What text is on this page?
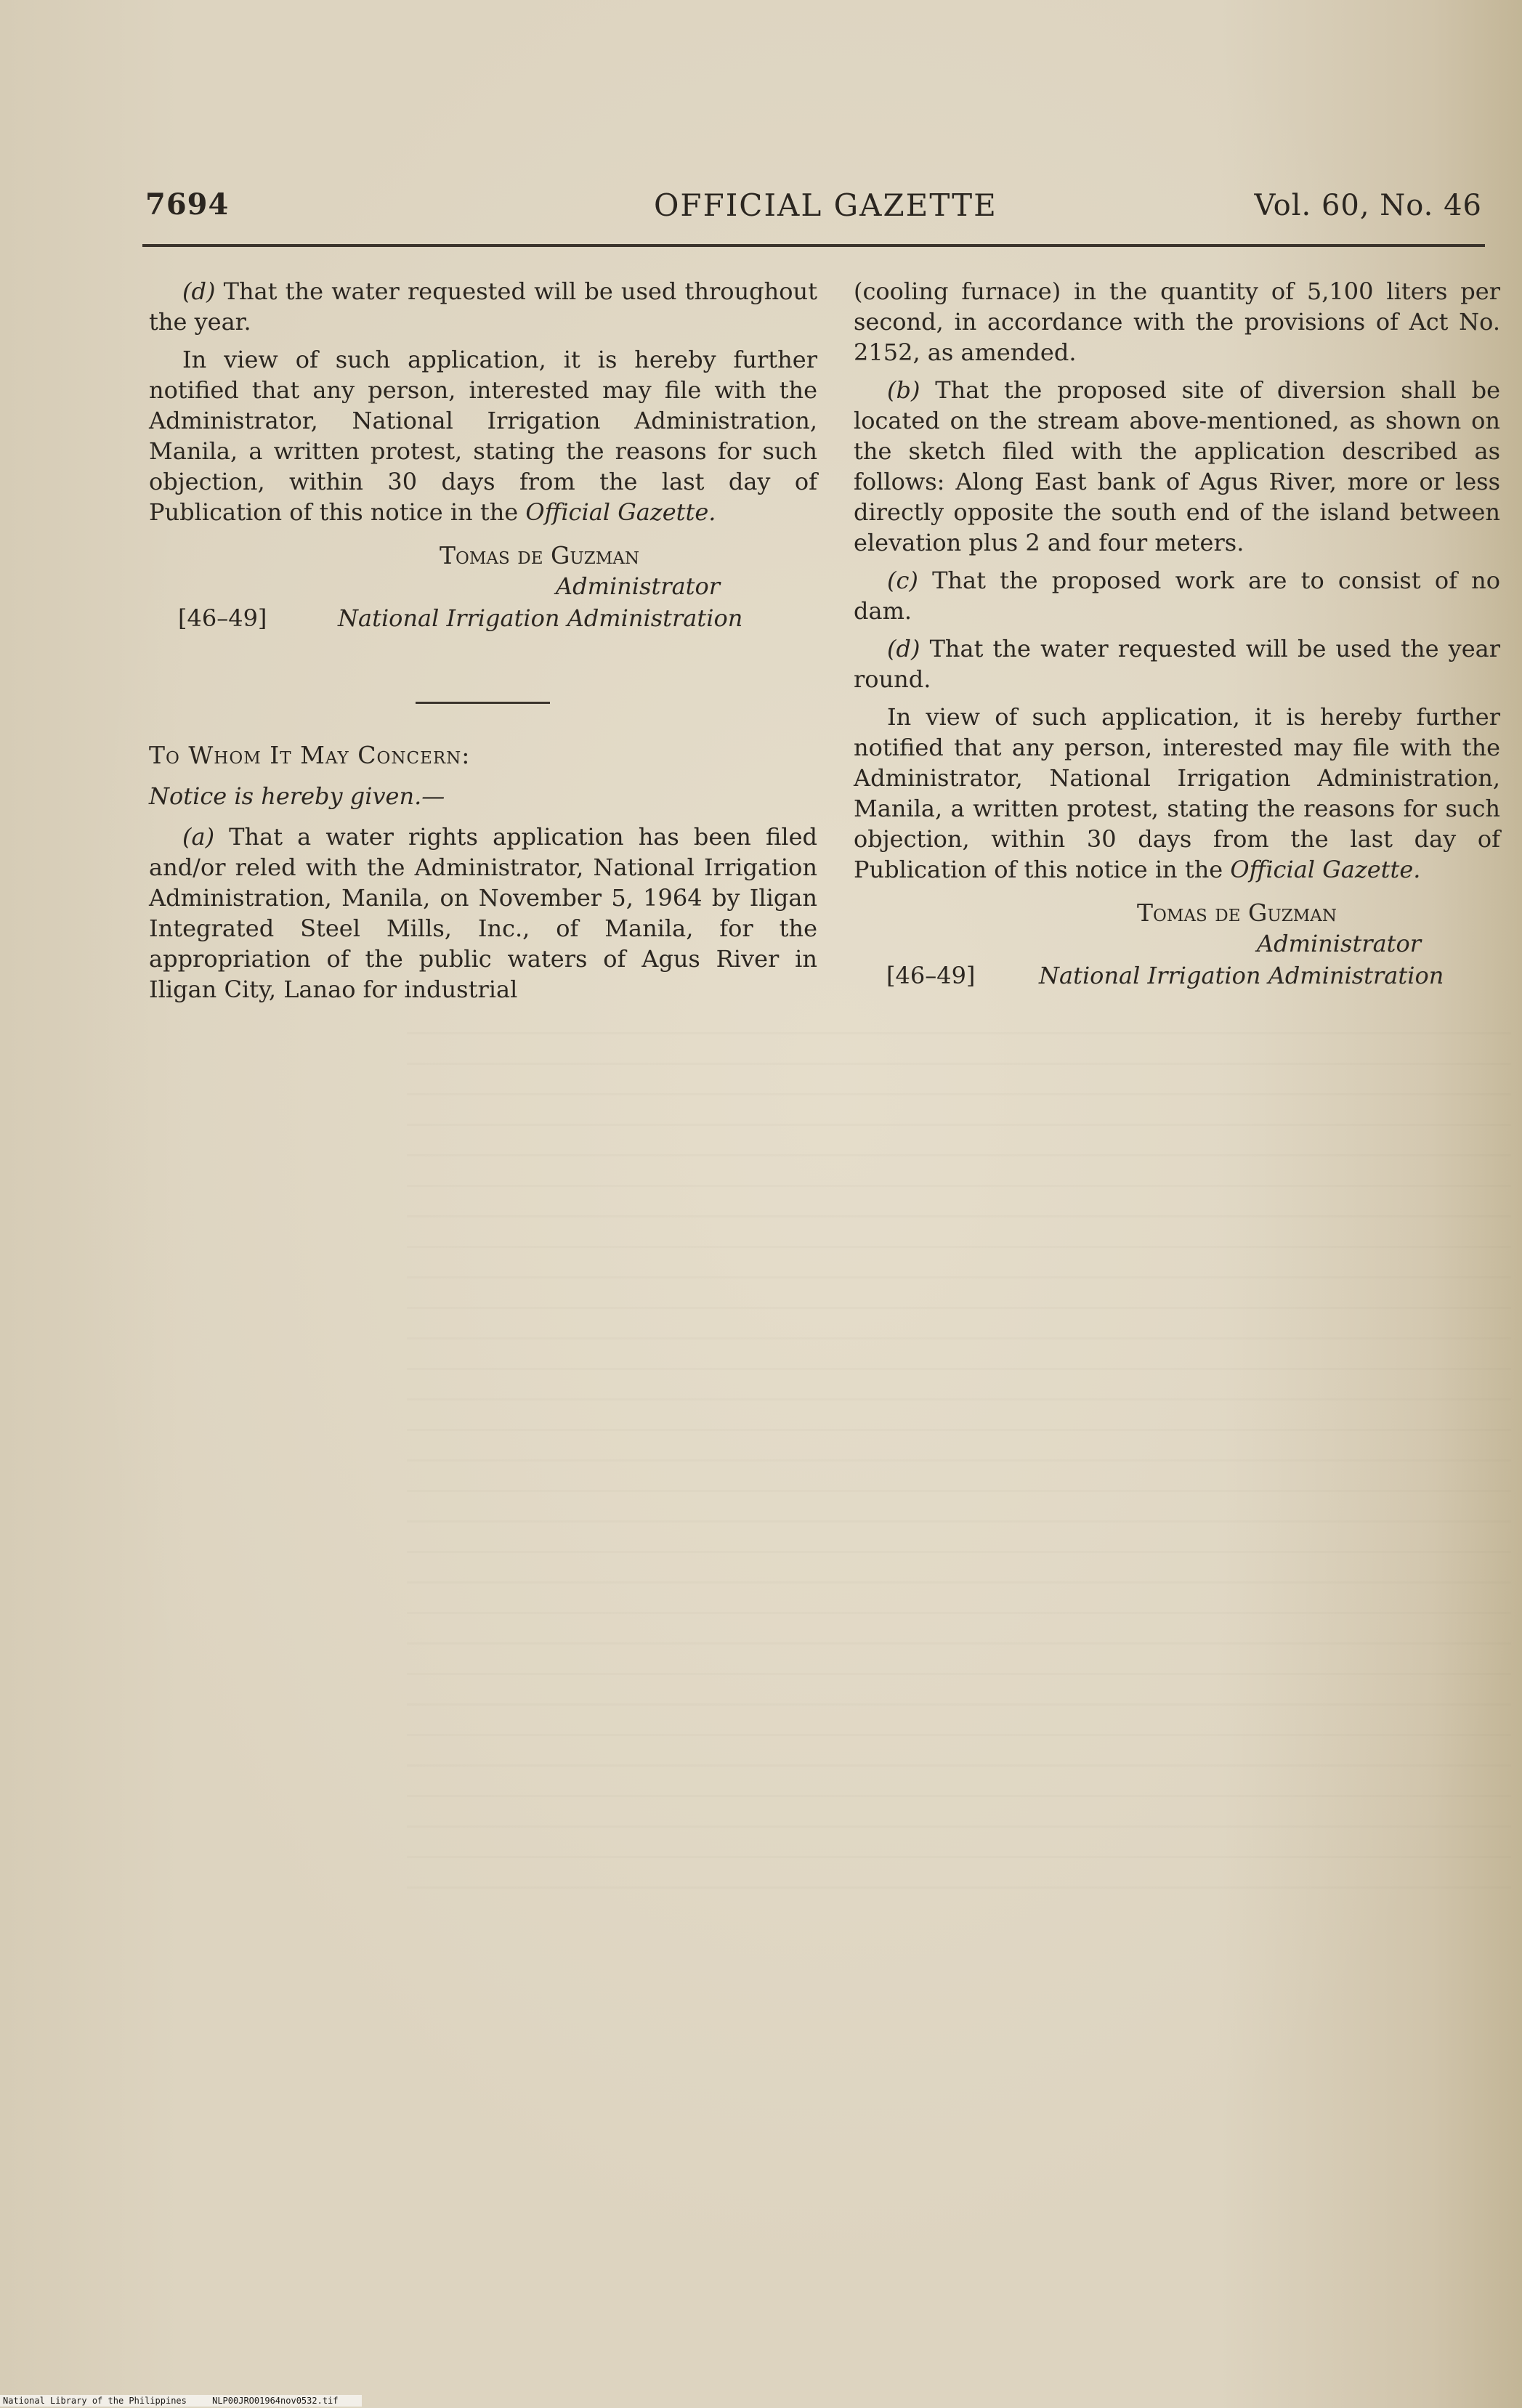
7694	OFFICIAL GAZETTE	Vol. 60, No. 46

(d) That the water requested will be used throughout the year.

In view of such application, it is hereby further notified that any person, interested may file with the Administrator, National Irrigation Administration, Manila, a written protest, stating the reasons for such objection, within 30 days from the last day of Publication of this notice in the Official Gazette.

Tomas de Guzman
Administrator
[46–49]	National Irrigation Administration

To Whom It May Concern:

Notice is hereby given.—

(a) That a water rights application has been filed and/or reled with the Administrator, National Irrigation Administration, Manila, on November 5, 1964 by Iligan Integrated Steel Mills, Inc., of Manila, for the appropriation of the public waters of Agus River in Iligan City, Lanao for industrial

(cooling furnace) in the quantity of 5,100 liters per second, in accordance with the provisions of Act No. 2152, as amended.

(b) That the proposed site of diversion shall be located on the stream above-mentioned, as shown on the sketch filed with the application described as follows: Along East bank of Agus River, more or less directly opposite the south end of the island between elevation plus 2 and four meters.

(c) That the proposed work are to consist of no dam.

(d) That the water requested will be used the year round.

In view of such application, it is hereby further notified that any person, interested may file with the Administrator, National Irrigation Administration, Manila, a written protest, stating the reasons for such objection, within 30 days from the last day of Publication of this notice in the Official Gazette.

Tomas de Guzman
Administrator
[46–49]	National Irrigation Administration
National Library of the Philippines	NLP00JRO01964nov0532.tif
